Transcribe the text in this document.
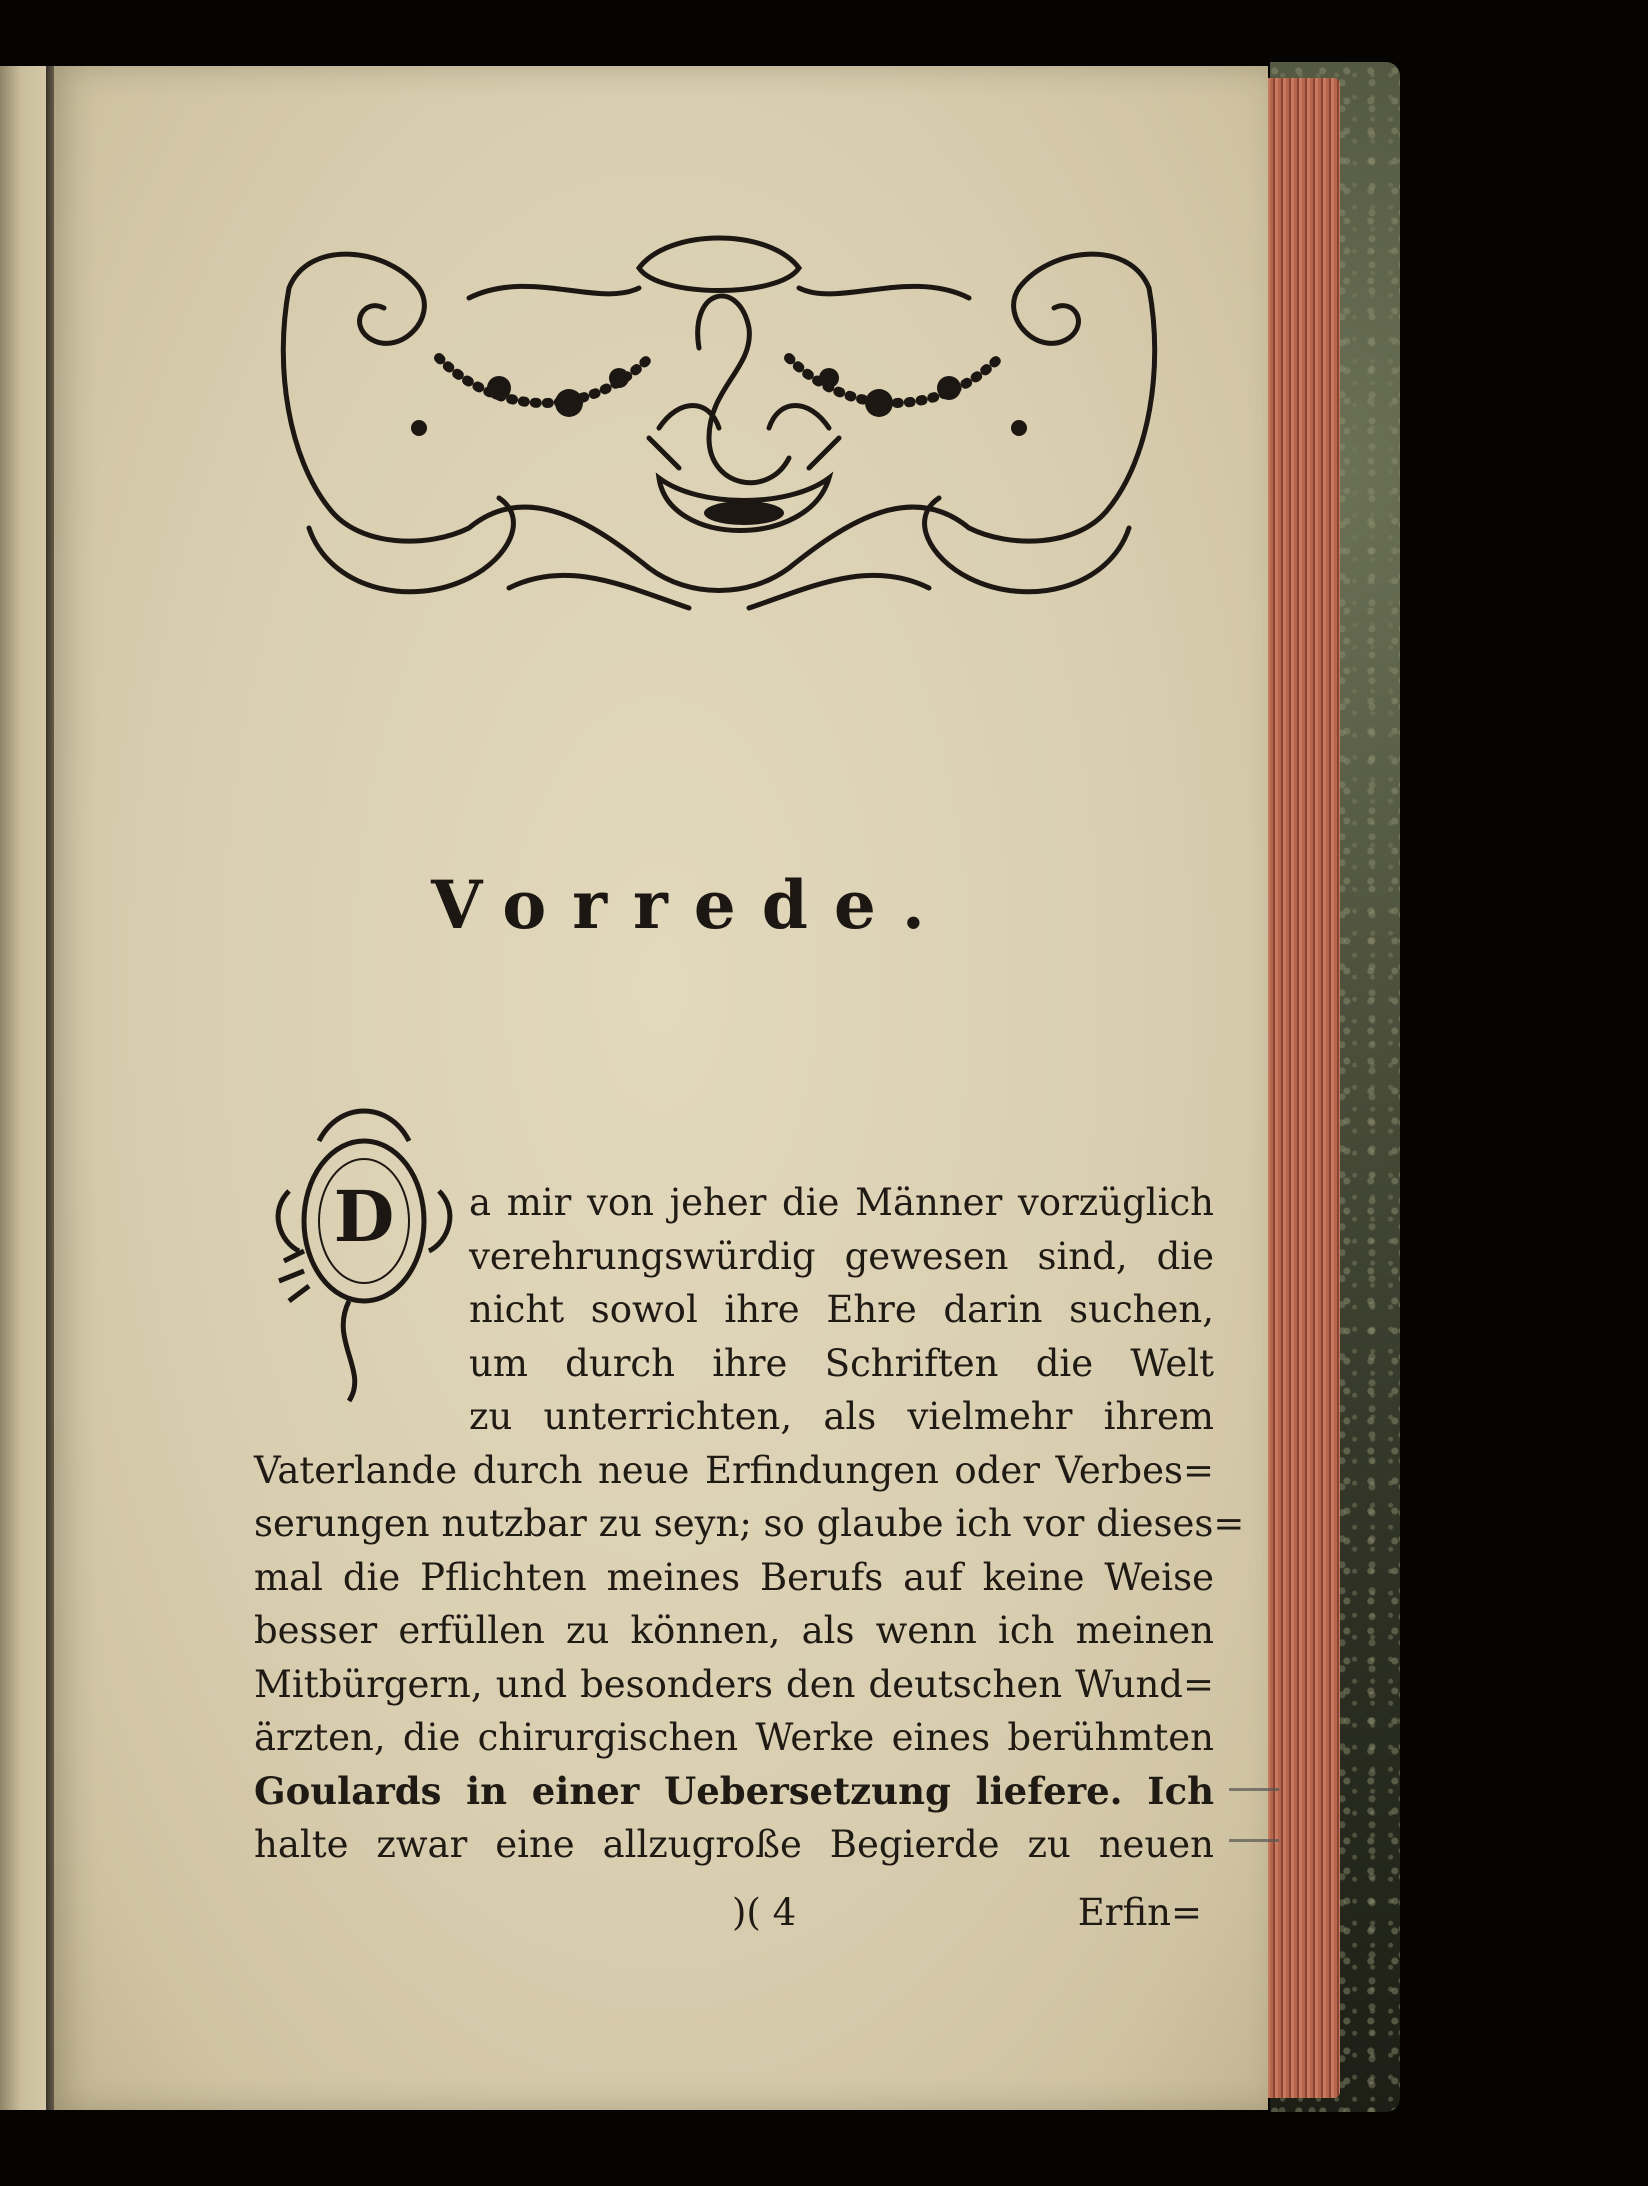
Vorrede.
D a mir von jeher die Männer vorzüglich
verehrungswürdig gewesen sind, die
nicht sowol ihre Ehre darin suchen,
um durch ihre Schriften die Welt
zu unterrichten, als vielmehr ihrem
Vaterlande durch neue Erfindungen oder Verbes=
serungen nutzbar zu seyn; so glaube ich vor dieses=
mal die Pflichten meines Berufs auf keine Weise
besser erfüllen zu können, als wenn ich meinen
Mitbürgern, und besonders den deutschen Wund=
ärzten, die chirurgischen Werke eines berühmten
Goulards in einer Uebersetzung liefere. Ich
halte zwar eine allzugroße Begierde zu neuen
)( 4	Erfin=
